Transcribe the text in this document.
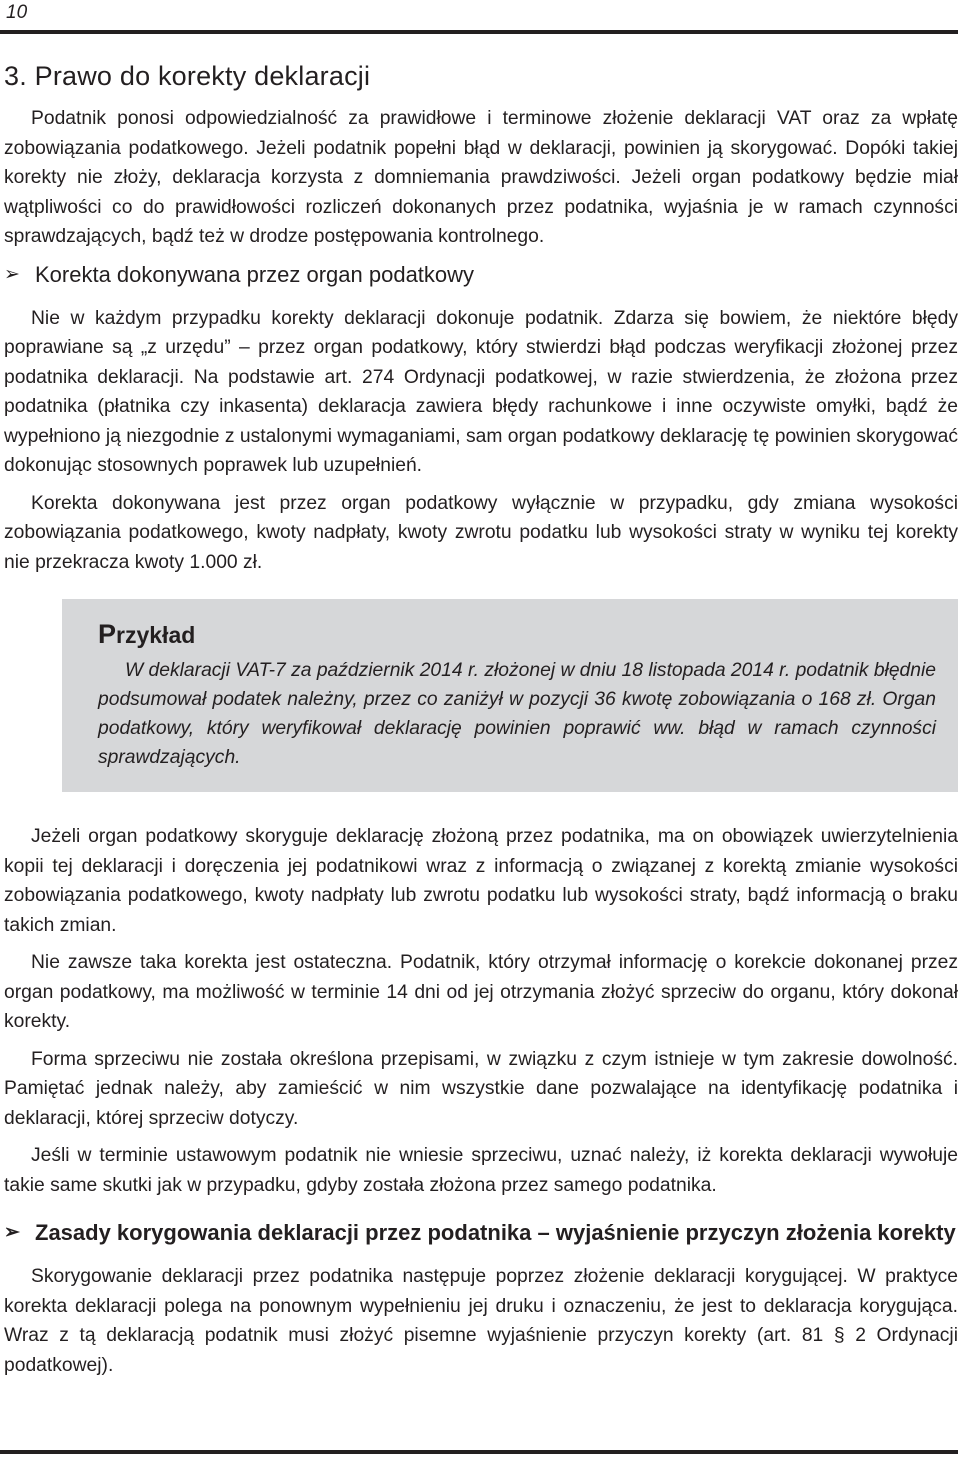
10
3. Prawo do korekty deklaracji

Podatnik ponosi odpowiedzialność za prawidłowe i terminowe złożenie deklaracji VAT oraz za wpłatę zobowiązania podatkowego. Jeżeli podatnik popełni błąd w deklaracji, powinien ją skorygować. Dopóki takiej korekty nie złoży, deklaracja korzysta z domniemania prawdziwości. Jeżeli organ podatkowy będzie miał wątpliwości co do prawidłowości rozliczeń dokonanych przez podatnika, wyjaśnia je w ramach czynności sprawdzających, bądź też w drodze postępowania kontrolnego.

➢ Korekta dokonywana przez organ podatkowy

Nie w każdym przypadku korekty deklaracji dokonuje podatnik. Zdarza się bowiem, że niektóre błędy poprawiane są „z urzędu” – przez organ podatkowy, który stwierdzi błąd podczas weryfikacji złożonej przez podatnika deklaracji. Na podstawie art. 274 Ordynacji podatkowej, w razie stwierdzenia, że złożona przez podatnika (płatnika czy inkasenta) deklaracja zawiera błędy rachunkowe i inne oczywiste omyłki, bądź że wypełniono ją niezgodnie z ustalonymi wymaganiami, sam organ podatkowy deklarację tę powinien skorygować dokonując stosownych poprawek lub uzupełnień.

Korekta dokonywana jest przez organ podatkowy wyłącznie w przypadku, gdy zmiana wysokości zobowiązania podatkowego, kwoty nadpłaty, kwoty zwrotu podatku lub wysokości straty w wyniku tej korekty nie przekracza kwoty 1.000 zł.

Przykład

W deklaracji VAT-7 za październik 2014 r. złożonej w dniu 18 listopada 2014 r. podatnik błędnie podsumował podatek należny, przez co zaniżył w pozycji 36 kwotę zobowiązania o 168 zł. Organ podatkowy, który weryfikował deklarację powinien poprawić ww. błąd w ramach czynności sprawdzających.

Jeżeli organ podatkowy skoryguje deklarację złożoną przez podatnika, ma on obowiązek uwierzytelnienia kopii tej deklaracji i doręczenia jej podatnikowi wraz z informacją o związanej z korektą zmianie wysokości zobowiązania podatkowego, kwoty nadpłaty lub zwrotu podatku lub wysokości straty, bądź informacją o braku takich zmian.

Nie zawsze taka korekta jest ostateczna. Podatnik, który otrzymał informację o korekcie dokonanej przez organ podatkowy, ma możliwość w terminie 14 dni od jej otrzymania złożyć sprzeciw do organu, który dokonał korekty.

Forma sprzeciwu nie została określona przepisami, w związku z czym istnieje w tym zakresie dowolność. Pamiętać jednak należy, aby zamieścić w nim wszystkie dane pozwalające na identyfikację podatnika i deklaracji, której sprzeciw dotyczy.

Jeśli w terminie ustawowym podatnik nie wniesie sprzeciwu, uznać należy, iż korekta deklaracji wywołuje takie same skutki jak w przypadku, gdyby została złożona przez samego podatnika.

➢ Zasady korygowania deklaracji przez podatnika – wyjaśnienie przyczyn złożenia korekty

Skorygowanie deklaracji przez podatnika następuje poprzez złożenie deklaracji korygującej. W praktyce korekta deklaracji polega na ponownym wypełnieniu jej druku i oznaczeniu, że jest to deklaracja korygująca. Wraz z tą deklaracją podatnik musi złożyć pisemne wyjaśnienie przyczyn korekty (art. 81 § 2 Ordynacji podatkowej).
